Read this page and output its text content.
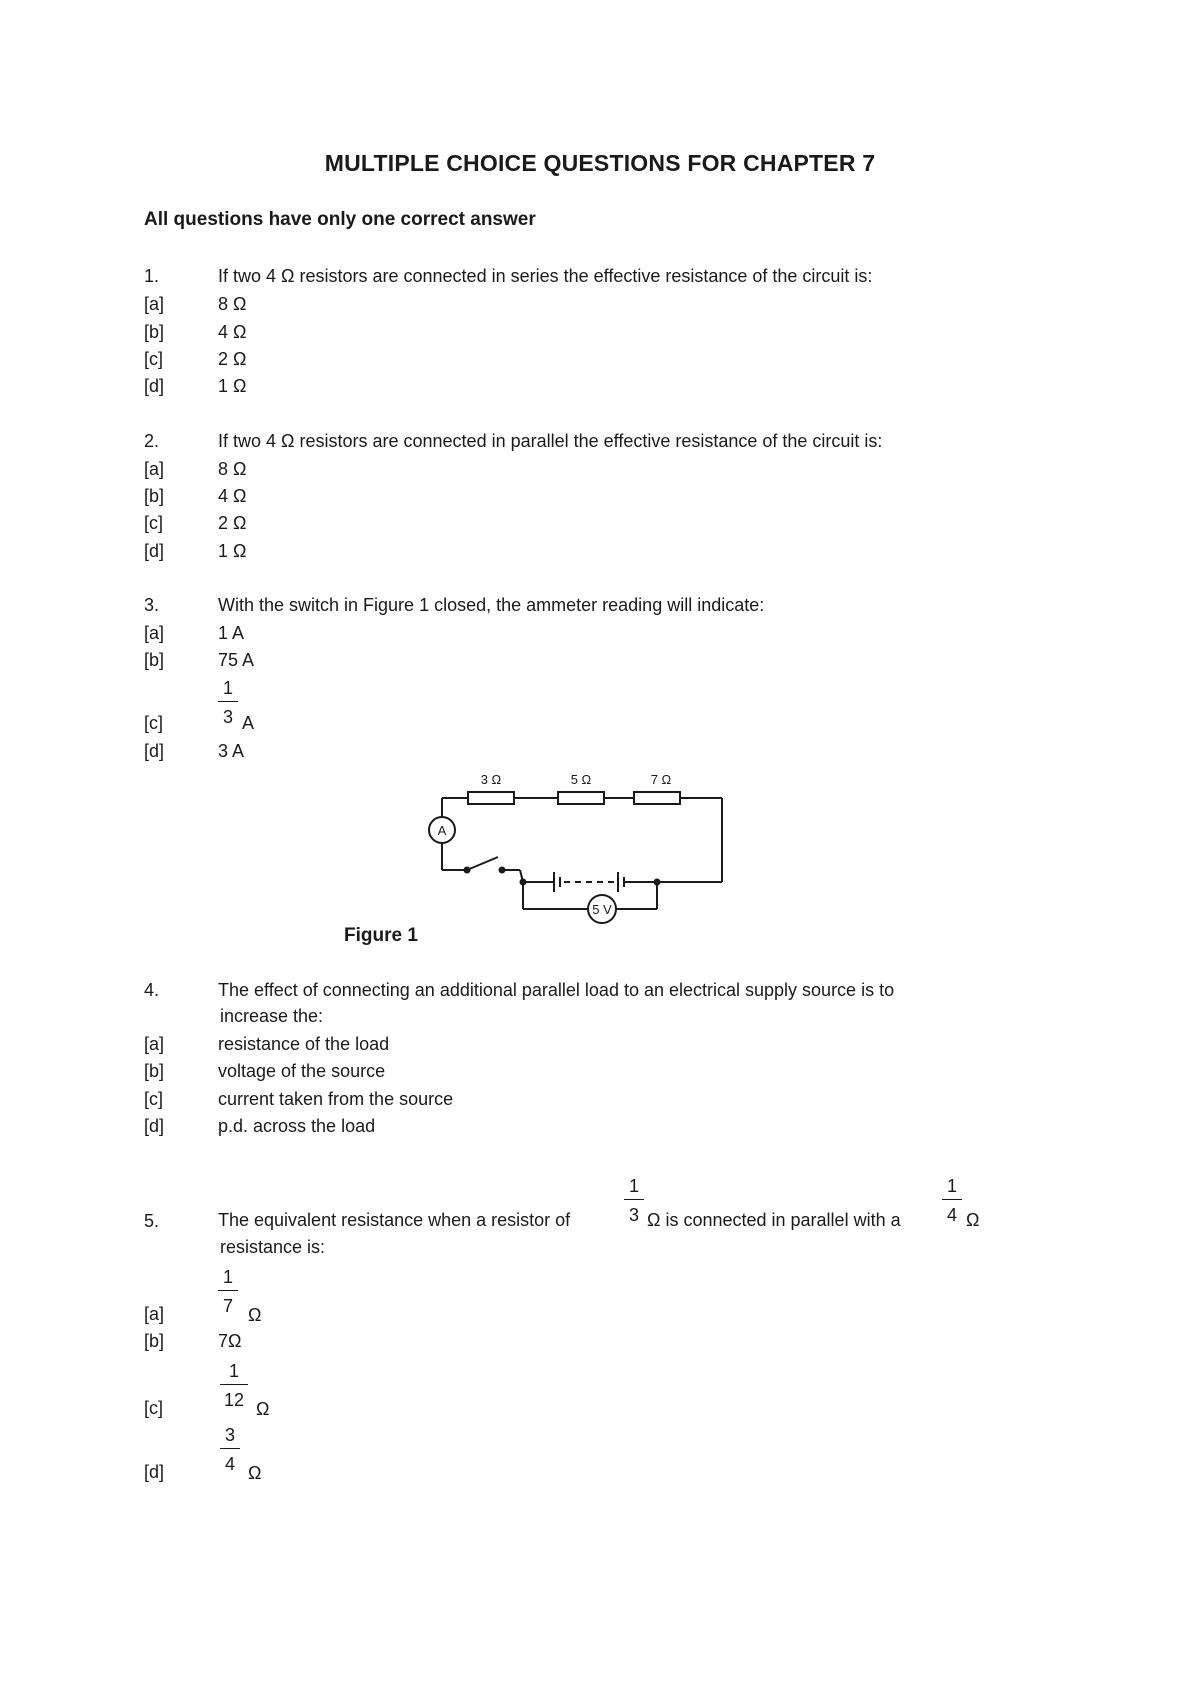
MULTIPLE CHOICE QUESTIONS FOR CHAPTER 7
All questions have only one correct answer
1.	If two 4 Ω resistors are connected in series the effective resistance of the circuit is:
[a]	8 Ω
[b]	4 Ω
[c]	2 Ω
[d]	1 Ω
2.	If two 4 Ω resistors are connected in parallel the effective resistance of the circuit is:
[a]	8 Ω
[b]	4 Ω
[c]	2 Ω
[d]	1 Ω
3.	With the switch in Figure 1 closed, the ammeter reading will indicate:
[a]	1 A
[b]	75 A
[c]
1
3 A
[d]	3 A
3 Ω	5 Ω	7 Ω
A
5 V
Figure 1
4.	The effect of connecting an additional parallel load to an electrical supply source is to
increase the:
[a]	resistance of the load
[b]	voltage of the source
[c]	current taken from the source
[d]	p.d. across the load
5.	The equivalent resistance when a resistor of
1
3 Ω is connected in parallel with a
1
4 Ω
resistance is:
[a]
1
7 Ω
[b]	7Ω
[c]
1
12 Ω
[d]
3
4 Ω
